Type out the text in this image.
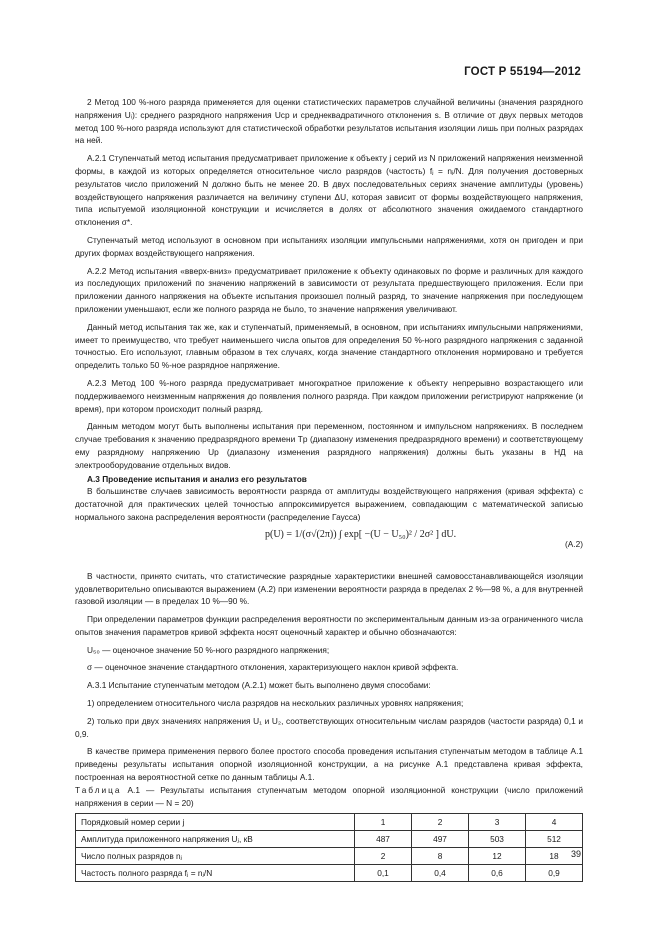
ГОСТ Р 55194—2012

2 Метод 100 %-ного разряда применяется для оценки статистических параметров случайной величины (значения разрядного напряжения Uᵢ): среднего разрядного напряжения Uср и среднеквадратичного отклонения s. В отличие от двух первых методов метод 100 %-ного разряда используют для статистической обработки результатов испытания изоляции лишь при полных разрядах на ней.

А.2.1 Ступенчатый метод испытания предусматривает приложение к объекту j серий из N приложений напряжения неизменной формы, в каждой из которых определяется относительное число разрядов (частость) fⱼ = nⱼ/N. Для получения достоверных результатов число приложений N должно быть не менее 20. В двух последовательных сериях значение амплитуды (уровень) воздействующего напряжения различается на величину ступени ΔU, которая зависит от формы воздействующего напряжения, типа испытуемой изоляционной конструкции и исчисляется в долях от абсолютного значения ожидаемого стандартного отклонения σ*.

Ступенчатый метод используют в основном при испытаниях изоляции импульсными напряжениями, хотя он пригоден и при других формах воздействующего напряжения.

А.2.2 Метод испытания «вверх-вниз» предусматривает приложение к объекту одинаковых по форме и различных для каждого из последующих приложений по значению напряжений в зависимости от результата предшествующего приложения. Если при приложении данного напряжения на объекте испытания произошел полный разряд, то значение напряжения при последующем приложении уменьшают, если же полного разряда не было, то значение напряжения увеличивают.

Данный метод испытания так же, как и ступенчатый, применяемый, в основном, при испытаниях импульсными напряжениями, имеет то преимущество, что требует наименьшего числа опытов для определения 50 %-ного разрядного напряжения с заданной точностью. Его используют, главным образом в тех случаях, когда значение стандартного отклонения нормировано и требуется определить только 50 %-ное разрядное напряжение.

А.2.3 Метод 100 %-ного разряда предусматривает многократное приложение к объекту непрерывно возрастающего или поддерживаемого неизменным напряжения до появления полного разряда. При каждом приложении регистрируют напряжение (и время), при котором происходит полный разряд.

Данным методом могут быть выполнены испытания при переменном, постоянном и импульсном напряжениях. В последнем случае требования к значению предразрядного времени Tр (диапазону изменения предразрядного времени) и соответствующему ему разрядному напряжению Uр (диапазону изменения разрядного напряжения) должны быть указаны в НД на электрооборудование отдельных видов.

А.3 Проведение испытания и анализ его результатов

В большинстве случаев зависимость вероятности разряда от амплитуды воздействующего напряжения (кривая эффекта) с достаточной для практических целей точностью аппроксимируется выражением, совпадающим с математической записью нормального закона распределения вероятности (распределение Гаусса)

p(U) = 1/(σ√(2π)) ∫ exp[ −(U − U₅₀)² / 2σ² ] dU.
(А.2)

В частности, принято считать, что статистические разрядные характеристики внешней самовосстанавливающейся изоляции удовлетворительно описываются выражением (А.2) при изменении вероятности разряда в пределах 2 %—98 %, а для внутренней газовой изоляции — в пределах 10 %—90 %.

При определении параметров функции распределения вероятности по экспериментальным данным из-за ограниченного числа опытов значения параметров кривой эффекта носят оценочный характер и обычно обозначаются:

U₅₀ — оценочное значение 50 %-ного разрядного напряжения;

σ — оценочное значение стандартного отклонения, характеризующего наклон кривой эффекта.

А.3.1 Испытание ступенчатым методом (А.2.1) может быть выполнено двумя способами:

1) определением относительного числа разрядов на нескольких различных уровнях напряжения;

2) только при двух значениях напряжения U₁ и U₂, соответствующих относительным числам разрядов (частости разряда) 0,1 и 0,9.

В качестве примера применения первого более простого способа проведения испытания ступенчатым методом в таблице А.1 приведены результаты испытания опорной изоляционной конструкции, а на рисунке А.1 представлена кривая эффекта, построенная на вероятностной сетке по данным таблицы А.1.

Таблица А.1 — Результаты испытания ступенчатым методом опорной изоляционной конструкции (число приложений напряжения в серии — N = 20)

Порядковый номер серии j	1	2	3	4
Амплитуда приложенного напряжения Uⱼ, кВ	487	497	503	512
Число полных разрядов nⱼ	2	8	12	18
Частость полного разряда fⱼ = nⱼ/N	0,1	0,4	0,6	0,9
39
